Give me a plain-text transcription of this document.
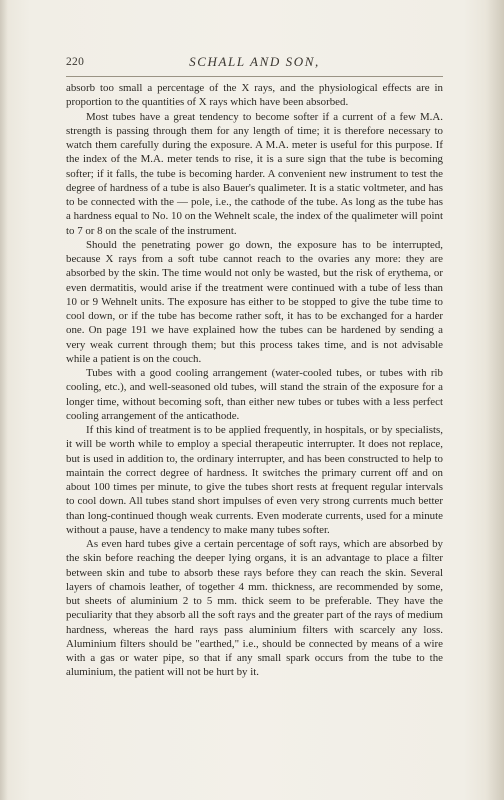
220	SCHALL AND SON,

absorb too small a percentage of the X rays, and the physiological effects are in proportion to the quantities of X rays which have been absorbed.

Most tubes have a great tendency to become softer if a current of a few M.A. strength is passing through them for any length of time; it is therefore necessary to watch them carefully during the exposure. A M.A. meter is useful for this purpose. If the index of the M.A. meter tends to rise, it is a sure sign that the tube is becoming softer; if it falls, the tube is becoming harder. A convenient new instrument to test the degree of hardness of a tube is also Bauer's qualimeter. It is a static voltmeter, and has to be connected with the — pole, i.e., the cathode of the tube. As long as the tube has a hardness equal to No. 10 on the Wehnelt scale, the index of the qualimeter will point to 7 or 8 on the scale of the instrument.

Should the penetrating power go down, the exposure has to be interrupted, because X rays from a soft tube cannot reach to the ovaries any more: they are absorbed by the skin. The time would not only be wasted, but the risk of erythema, or even dermatitis, would arise if the treatment were continued with a tube of less than 10 or 9 Wehnelt units. The exposure has either to be stopped to give the tube time to cool down, or if the tube has become rather soft, it has to be exchanged for a harder one. On page 191 we have explained how the tubes can be hardened by sending a very weak current through them; but this process takes time, and is not advisable while a patient is on the couch.

Tubes with a good cooling arrangement (water-cooled tubes, or tubes with rib cooling, etc.), and well-seasoned old tubes, will stand the strain of the exposure for a longer time, without becoming soft, than either new tubes or tubes with a less perfect cooling arrangement of the anticathode.

If this kind of treatment is to be applied frequently, in hospitals, or by specialists, it will be worth while to employ a special therapeutic interrupter. It does not replace, but is used in addition to, the ordinary interrupter, and has been constructed to help to maintain the correct degree of hardness. It switches the primary current off and on about 100 times per minute, to give the tubes short rests at frequent regular intervals to cool down. All tubes stand short impulses of even very strong currents much better than long-continued though weak currents. Even moderate currents, used for a minute without a pause, have a tendency to make many tubes softer.

As even hard tubes give a certain percentage of soft rays, which are absorbed by the skin before reaching the deeper lying organs, it is an advantage to place a filter between skin and tube to absorb these rays before they can reach the skin. Several layers of chamois leather, of together 4 mm. thickness, are recommended by some, but sheets of aluminium 2 to 5 mm. thick seem to be preferable. They have the peculiarity that they absorb all the soft rays and the greater part of the rays of medium hardness, whereas the hard rays pass aluminium filters with scarcely any loss. Aluminium filters should be "earthed," i.e., should be connected by means of a wire with a gas or water pipe, so that if any small spark occurs from the tube to the aluminium, the patient will not be hurt by it.
